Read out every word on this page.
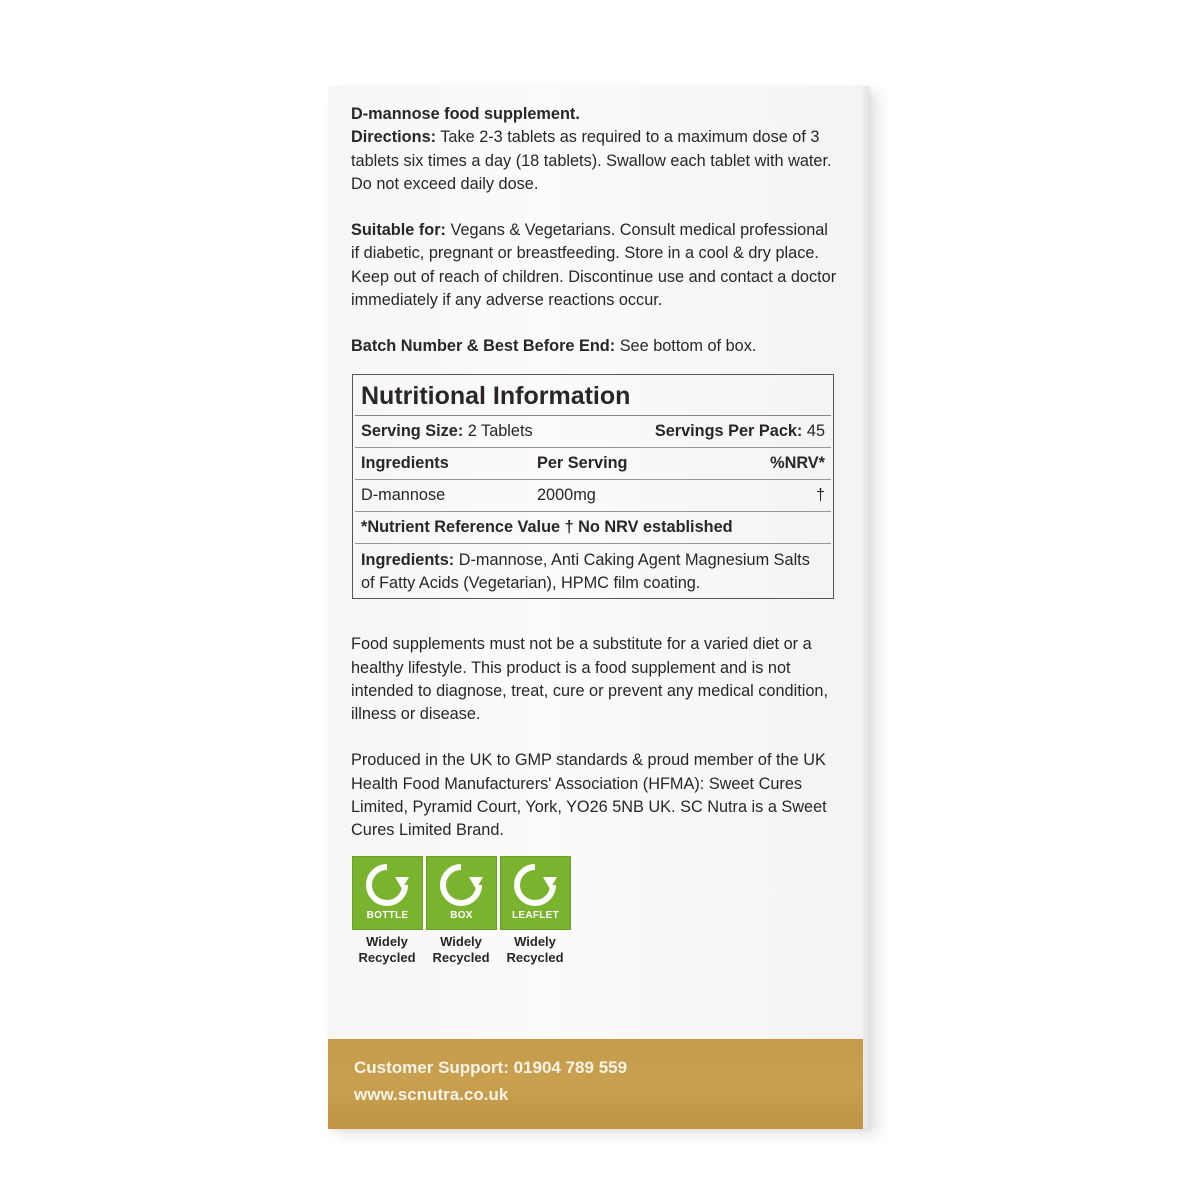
D-mannose food supplement.
Directions: Take 2-3 tablets as required to a maximum dose of 3 tablets six times a day (18 tablets). Swallow each tablet with water. Do not exceed daily dose.

Suitable for: Vegans & Vegetarians. Consult medical professional if diabetic, pregnant or breastfeeding. Store in a cool & dry place. Keep out of reach of children. Discontinue use and contact a doctor immediately if any adverse reactions occur.

Batch Number & Best Before End: See bottom of box.

Nutritional Information
Serving Size: 2 Tablets	Servings Per Pack: 45
Ingredients	Per Serving	%NRV*
D-mannose	2000mg	†
*Nutrient Reference Value † No NRV established
Ingredients: D-mannose, Anti Caking Agent Magnesium Salts of Fatty Acids (Vegetarian), HPMC film coating.

Food supplements must not be a substitute for a varied diet or a healthy lifestyle. This product is a food supplement and is not intended to diagnose, treat, cure or prevent any medical condition, illness or disease.

Produced in the UK to GMP standards & proud member of the UK Health Food Manufacturers' Association (HFMA): Sweet Cures Limited, Pyramid Court, York, YO26 5NB UK. SC Nutra is a Sweet Cures Limited Brand.

BOTTLE
Widely
Recycled
BOX
Widely
Recycled
LEAFLET
Widely
Recycled
Customer Support: 01904 789 559
www.scnutra.co.uk
